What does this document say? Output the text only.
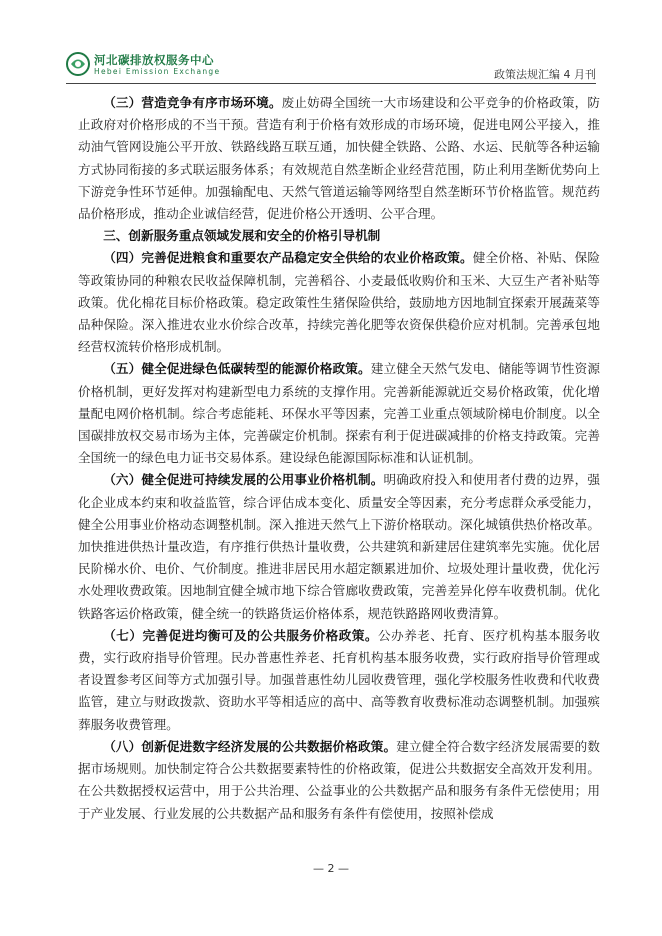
河北碳排放权服务中心
Hebei Emission Exchange	政策法规汇编 4 月刊

（三）营造竞争有序市场环境。废止妨碍全国统一大市场建设和公平竞争的价格政策，防止政府对价格形成的不当干预。营造有利于价格有效形成的市场环境，促进电网公平接入，推动油气管网设施公平开放、铁路线路互联互通，加快健全铁路、公路、水运、民航等各种运输方式协同衔接的多式联运服务体系；有效规范自然垄断企业经营范围，防止利用垄断优势向上下游竞争性环节延伸。加强输配电、天然气管道运输等网络型自然垄断环节价格监管。规范药品价格形成，推动企业诚信经营，促进价格公开透明、公平合理。

三、创新服务重点领域发展和安全的价格引导机制

（四）完善促进粮食和重要农产品稳定安全供给的农业价格政策。健全价格、补贴、保险等政策协同的种粮农民收益保障机制，完善稻谷、小麦最低收购价和玉米、大豆生产者补贴等政策。优化棉花目标价格政策。稳定政策性生猪保险供给，鼓励地方因地制宜探索开展蔬菜等品种保险。深入推进农业水价综合改革，持续完善化肥等农资保供稳价应对机制。完善承包地经营权流转价格形成机制。

（五）健全促进绿色低碳转型的能源价格政策。建立健全天然气发电、储能等调节性资源价格机制，更好发挥对构建新型电力系统的支撑作用。完善新能源就近交易价格政策，优化增量配电网价格机制。综合考虑能耗、环保水平等因素，完善工业重点领域阶梯电价制度。以全国碳排放权交易市场为主体，完善碳定价机制。探索有利于促进碳减排的价格支持政策。完善全国统一的绿色电力证书交易体系。建设绿色能源国际标准和认证机制。

（六）健全促进可持续发展的公用事业价格机制。明确政府投入和使用者付费的边界，强化企业成本约束和收益监管，综合评估成本变化、质量安全等因素，充分考虑群众承受能力，健全公用事业价格动态调整机制。深入推进天然气上下游价格联动。深化城镇供热价格改革。加快推进供热计量改造，有序推行供热计量收费，公共建筑和新建居住建筑率先实施。优化居民阶梯水价、电价、气价制度。推进非居民用水超定额累进加价、垃圾处理计量收费，优化污水处理收费政策。因地制宜健全城市地下综合管廊收费政策，完善差异化停车收费机制。优化铁路客运价格政策，健全统一的铁路货运价格体系，规范铁路路网收费清算。

（七）完善促进均衡可及的公共服务价格政策。公办养老、托育、医疗机构基本服务收费，实行政府指导价管理。民办普惠性养老、托育机构基本服务收费，实行政府指导价管理或者设置参考区间等方式加强引导。加强普惠性幼儿园收费管理，强化学校服务性收费和代收费监管，建立与财政拨款、资助水平等相适应的高中、高等教育收费标准动态调整机制。加强殡葬服务收费管理。

（八）创新促进数字经济发展的公共数据价格政策。建立健全符合数字经济发展需要的数据市场规则。加快制定符合公共数据要素特性的价格政策，促进公共数据安全高效开发利用。在公共数据授权运营中，用于公共治理、公益事业的公共数据产品和服务有条件无偿使用；用于产业发展、行业发展的公共数据产品和服务有条件有偿使用，按照补偿成

— 2 —
